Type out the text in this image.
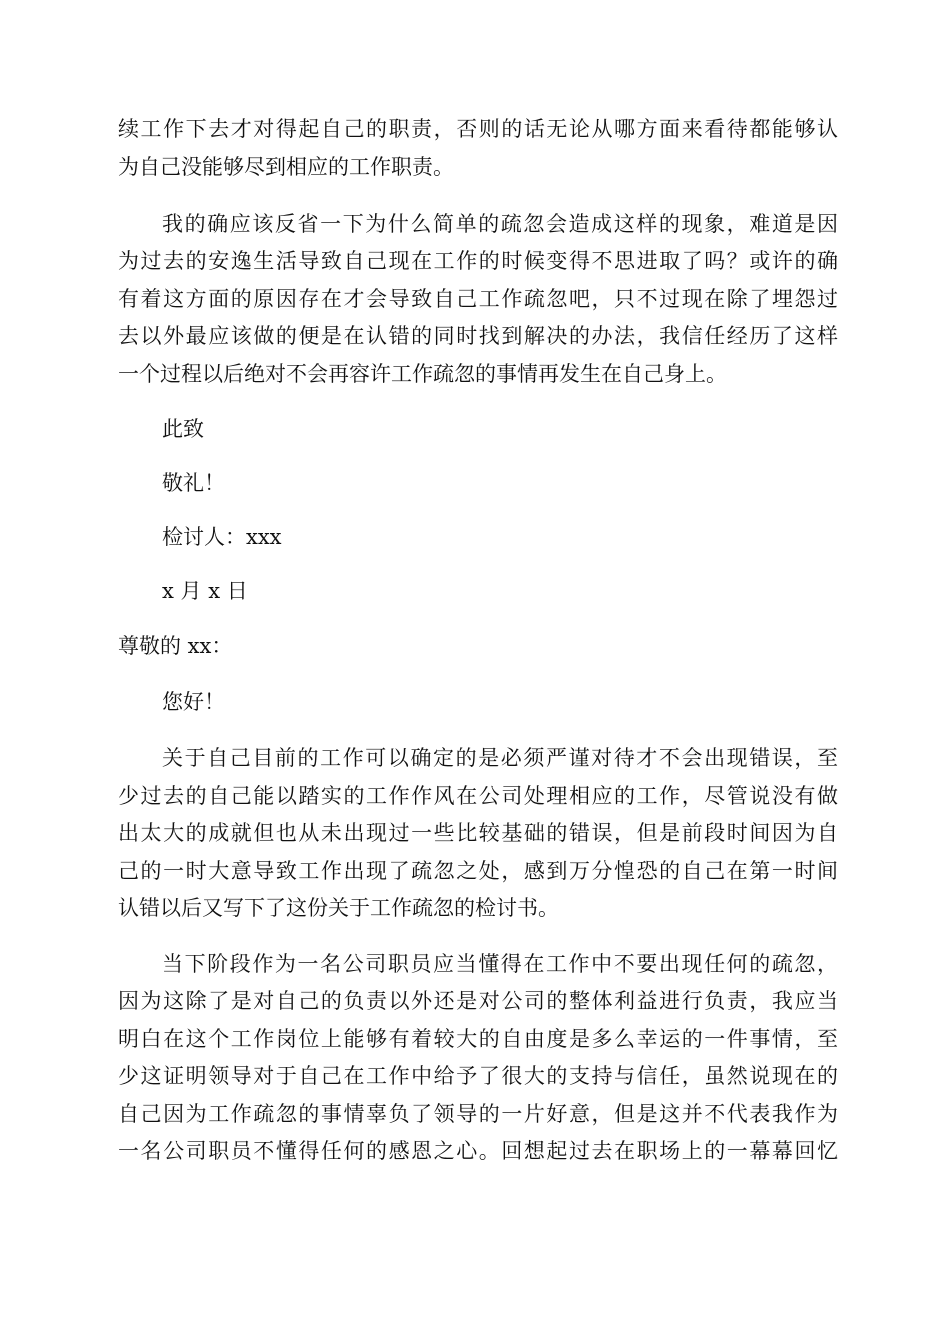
续工作下去才对得起自己的职责，否则的话无论从哪方面来看待都能够认
为自己没能够尽到相应的工作职责。
我的确应该反省一下为什么简单的疏忽会造成这样的现象，难道是因
为过去的安逸生活导致自己现在工作的时候变得不思进取了吗？或许的确
有着这方面的原因存在才会导致自己工作疏忽吧，只不过现在除了埋怨过
去以外最应该做的便是在认错的同时找到解决的办法，我信任经历了这样
一个过程以后绝对不会再容许工作疏忽的事情再发生在自己身上。
此致
敬礼！
检讨人：xxx
x 月 x 日
尊敬的 xx：
您好！
关于自己目前的工作可以确定的是必须严谨对待才不会出现错误，至
少过去的自己能以踏实的工作作风在公司处理相应的工作，尽管说没有做
出太大的成就但也从未出现过一些比较基础的错误，但是前段时间因为自
己的一时大意导致工作出现了疏忽之处，感到万分惶恐的自己在第一时间
认错以后又写下了这份关于工作疏忽的检讨书。
当下阶段作为一名公司职员应当懂得在工作中不要出现任何的疏忽，
因为这除了是对自己的负责以外还是对公司的整体利益进行负责，我应当
明白在这个工作岗位上能够有着较大的自由度是多么幸运的一件事情，至
少这证明领导对于自己在工作中给予了很大的支持与信任，虽然说现在的
自己因为工作疏忽的事情辜负了领导的一片好意，但是这并不代表我作为
一名公司职员不懂得任何的感恩之心。回想起过去在职场上的一幕幕回忆
